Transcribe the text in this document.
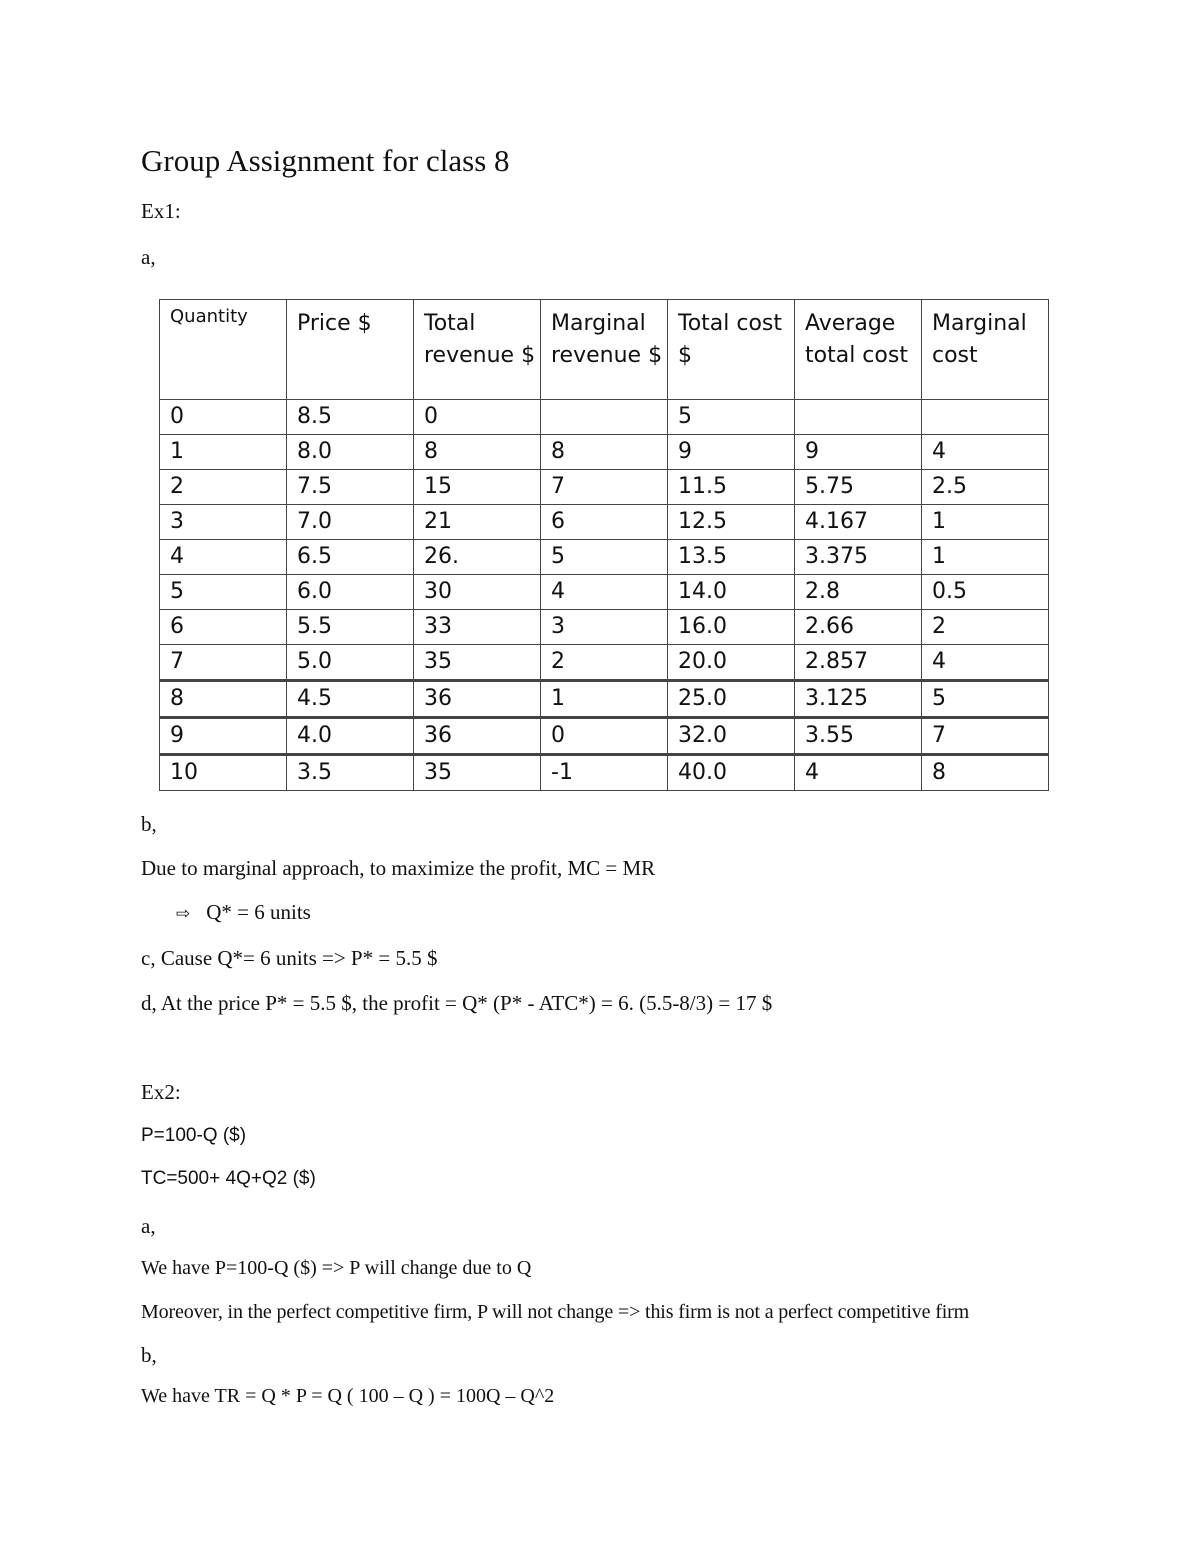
Group Assignment for class 8
Ex1:
a,
Quantity	Price $	Total revenue $	Marginal revenue $	Total cost $	Average total cost	Marginal cost
0	8.5	0		5		
1	8.0	8	8	9	9	4
2	7.5	15	7	11.5	5.75	2.5
3	7.0	21	6	12.5	4.167	1
4	6.5	26.	5	13.5	3.375	1
5	6.0	30	4	14.0	2.8	0.5
6	5.5	33	3	16.0	2.66	2
7	5.0	35	2	20.0	2.857	4
8	4.5	36	1	25.0	3.125	5
9	4.0	36	0	32.0	3.55	7
10	3.5	35	-1	40.0	4	8
b,
Due to marginal approach, to maximize the profit, MC = MR
⇨ Q* = 6 units
c, Cause Q*= 6 units => P* = 5.5 $
d, At the price P* = 5.5 $, the profit = Q* (P* - ATC*) = 6. (5.5-8/3) = 17 $
Ex2:
P=100-Q ($)
TC=500+ 4Q+Q2 ($)
a,
We have P=100-Q ($) => P will change due to Q
Moreover, in the perfect competitive firm, P will not change => this firm is not a perfect competitive firm
b,
We have TR = Q * P = Q ( 100 – Q ) = 100Q – Q^2
